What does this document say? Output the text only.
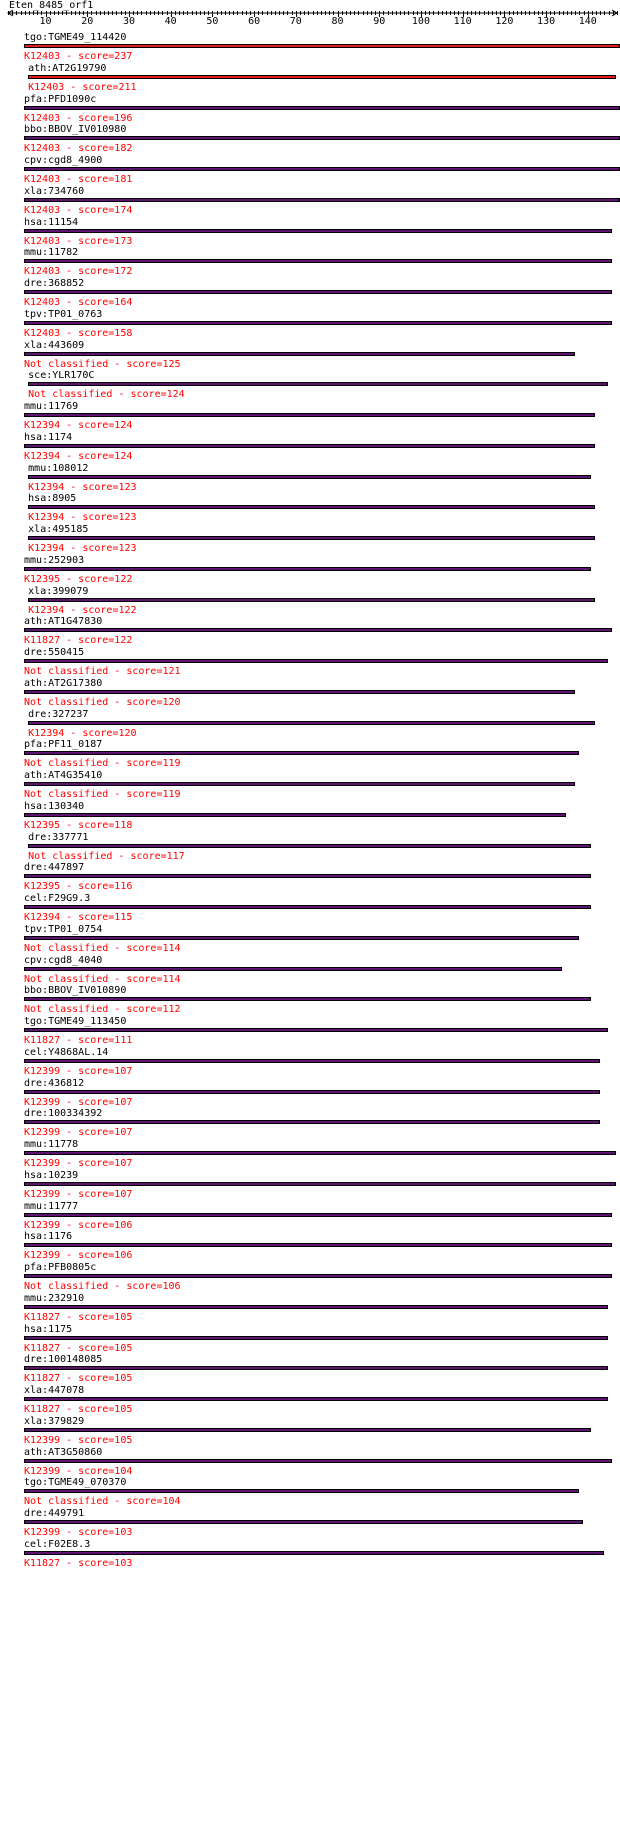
Eten_8485_orf1
10	20	30	40	50	60	70	80	90	100 110 120 130 140
tgo:TGME49_114420
K12403 - score=237
ath:AT2G19790
K12403 - score=211
pfa:PFD1090c
K12403 - score=196
bbo:BBOV_IV010980
K12403 - score=182
cpv:cgd8_4900
K12403 - score=181
xla:734760
K12403 - score=174
hsa:11154
K12403 - score=173
mmu:11782
K12403 - score=172
dre:368852
K12403 - score=164
tpv:TP01_0763
K12403 - score=158
xla:443609
Not classified - score=125
sce:YLR170C
Not classified - score=124
mmu:11769
K12394 - score=124
hsa:1174
K12394 - score=124
mmu:108012
K12394 - score=123
hsa:8905
K12394 - score=123
xla:495185
K12394 - score=123
mmu:252903
K12395 - score=122
xla:399079
K12394 - score=122
ath:AT1G47830
K11827 - score=122
dre:550415
Not classified - score=121
ath:AT2G17380
Not classified - score=120
dre:327237
K12394 - score=120
pfa:PF11_0187
Not classified - score=119
ath:AT4G35410
Not classified - score=119
hsa:130340
K12395 - score=118
dre:337771
Not classified - score=117
dre:447897
K12395 - score=116
cel:F29G9.3
K12394 - score=115
tpv:TP01_0754
Not classified - score=114
cpv:cgd8_4040
Not classified - score=114
bbo:BBOV_IV010890
Not classified - score=112
tgo:TGME49_113450
K11827 - score=111
cel:Y4868AL.14
K12399 - score=107
dre:436812
K12399 - score=107
dre:100334392
K12399 - score=107
mmu:11778
K12399 - score=107
hsa:10239
K12399 - score=107
mmu:11777
K12399 - score=106
hsa:1176
K12399 - score=106
pfa:PFB0805c
Not classified - score=106
mmu:232910
K11827 - score=105
hsa:1175
K11827 - score=105
dre:100148085
K11827 - score=105
xla:447078
K11827 - score=105
xla:379829
K12399 - score=105
ath:AT3G50860
K12399 - score=104
tgo:TGME49_070370
Not classified - score=104
dre:449791
K12399 - score=103
cel:F02E8.3
K11827 - score=103
